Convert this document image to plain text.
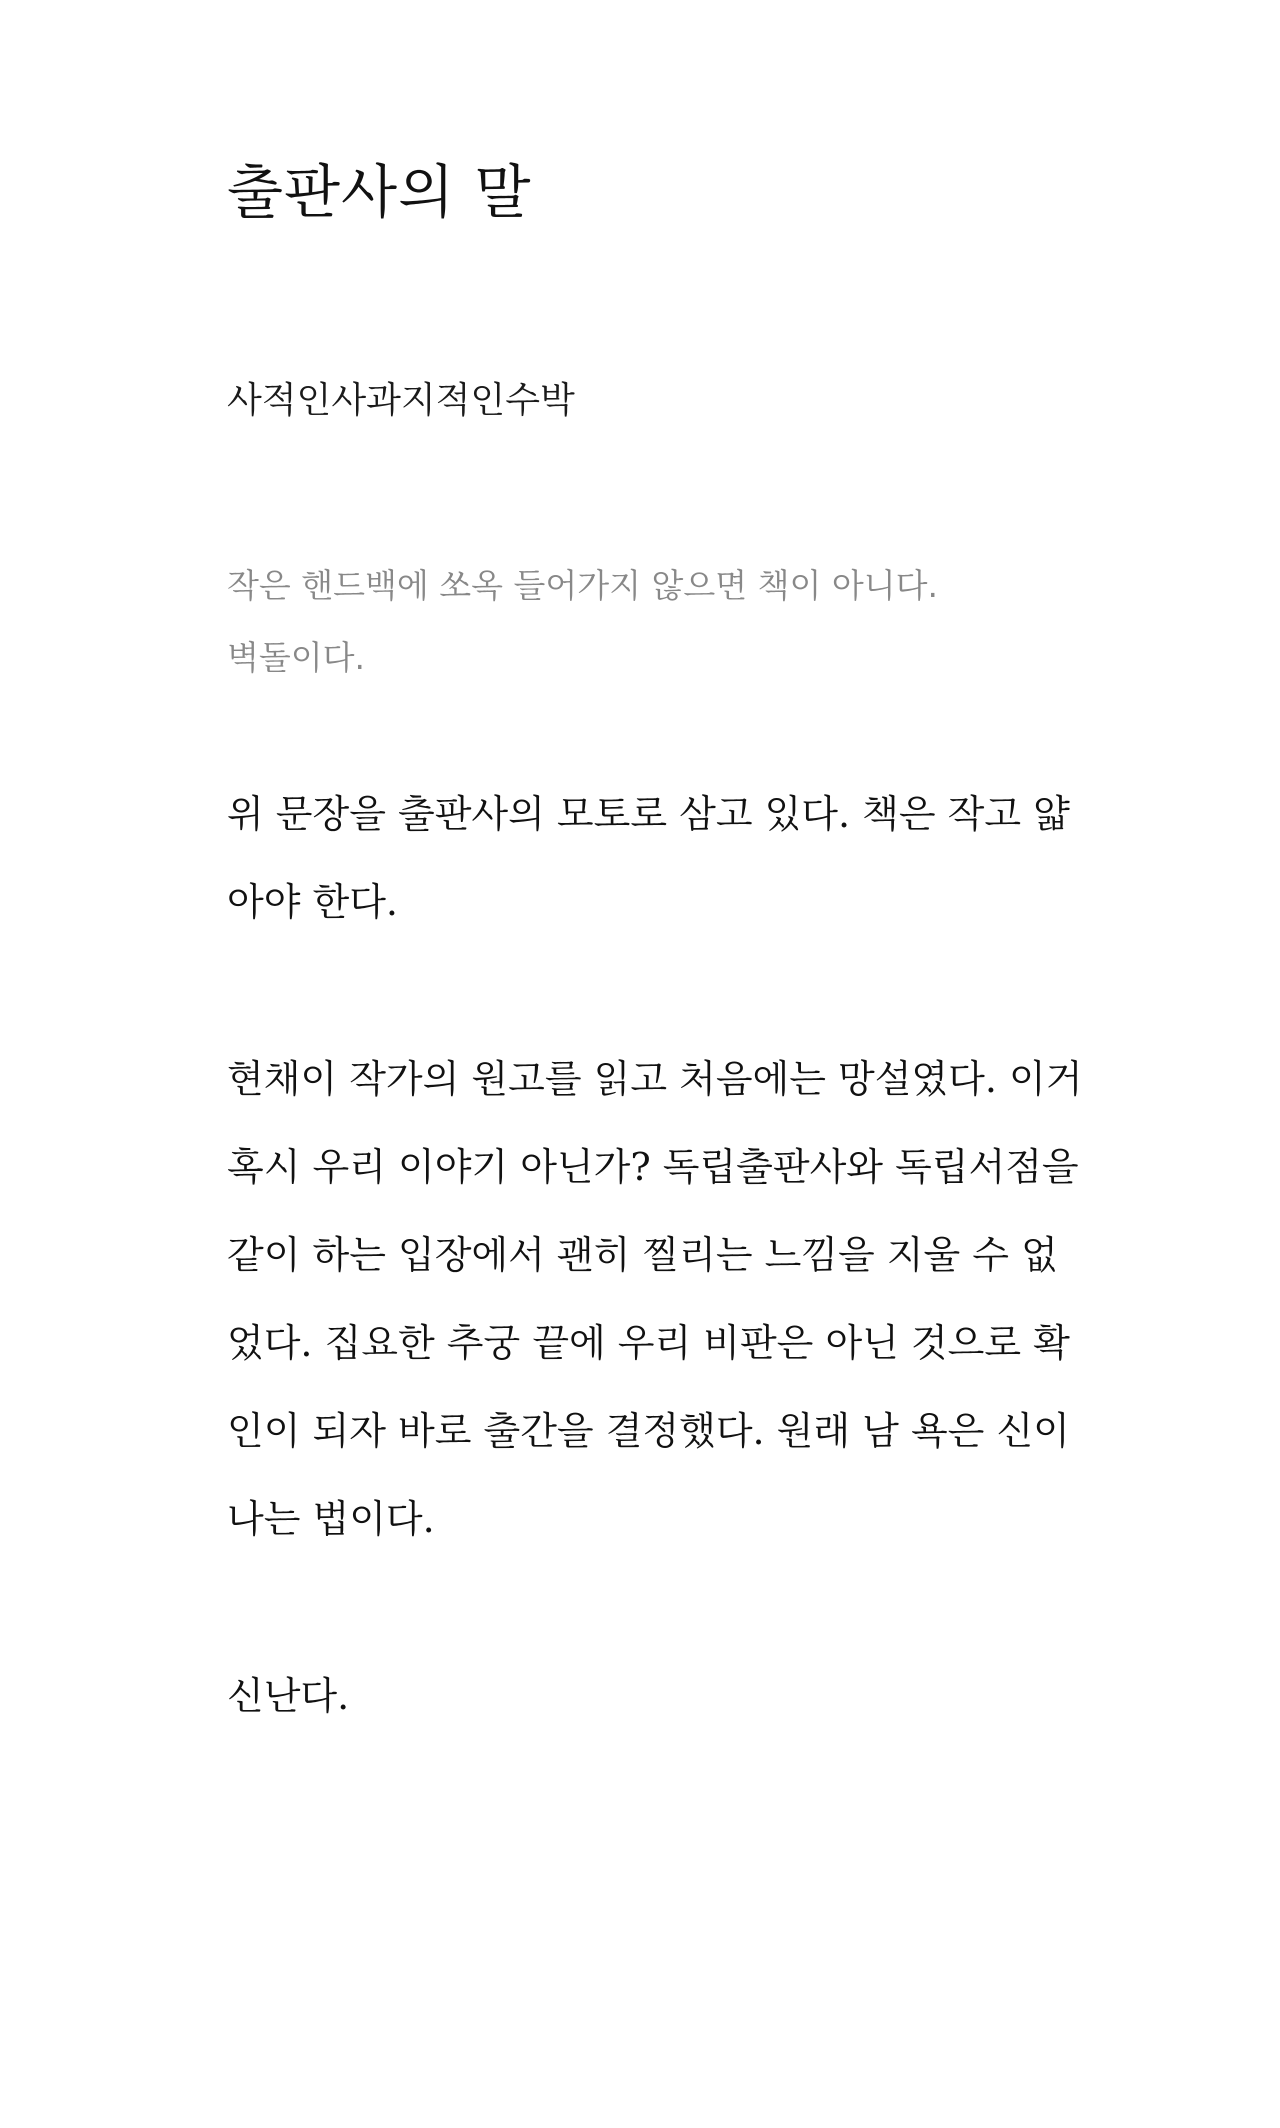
출판사의 말

사적인사과지적인수박

작은 핸드백에 쏘옥 들어가지 않으면 책이 아니다.
벽돌이다.

위 문장을 출판사의 모토로 삼고 있다. 책은 작고 얇
아야 한다.

현채이 작가의 원고를 읽고 처음에는 망설였다. 이거
혹시 우리 이야기 아닌가? 독립출판사와 독립서점을
같이 하는 입장에서 괜히 찔리는 느낌을 지울 수 없
었다. 집요한 추궁 끝에 우리 비판은 아닌 것으로 확
인이 되자 바로 출간을 결정했다. 원래 남 욕은 신이
나는 법이다.

신난다.
